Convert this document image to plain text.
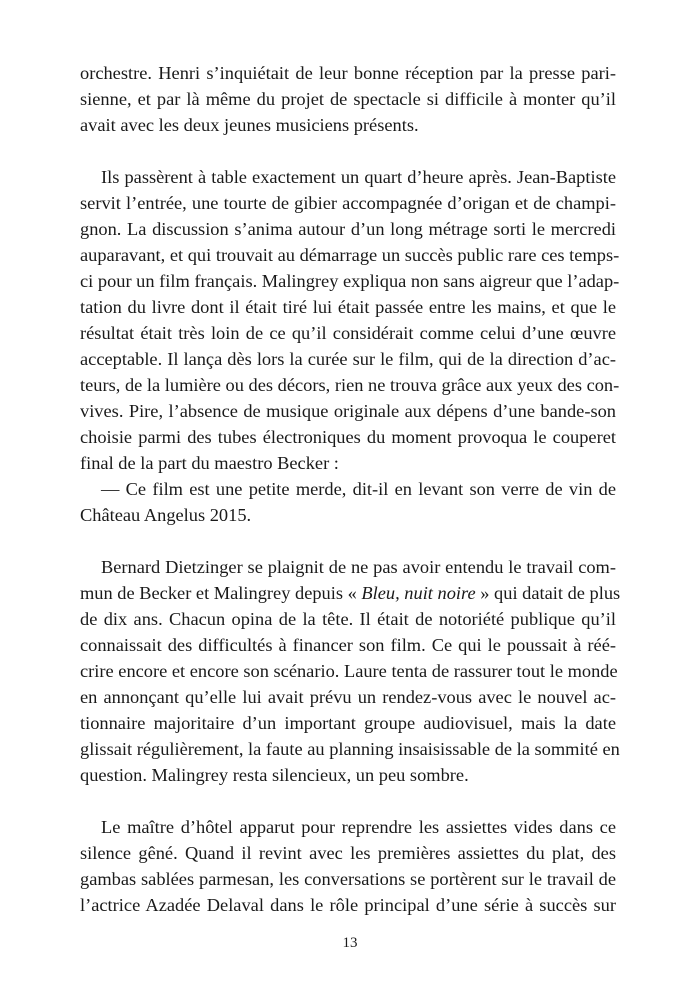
orchestre. Henri s’inquiétait de leur bonne réception par la presse pari-
sienne, et par là même du projet de spectacle si difficile à monter qu’il
avait avec les deux jeunes musiciens présents.
Ils passèrent à table exactement un quart d’heure après. Jean-Baptiste
servit l’entrée, une tourte de gibier accompagnée d’origan et de champi-
gnon. La discussion s’anima autour d’un long métrage sorti le mercredi
auparavant, et qui trouvait au démarrage un succès public rare ces temps-
ci pour un film français. Malingrey expliqua non sans aigreur que l’adap-
tation du livre dont il était tiré lui était passée entre les mains, et que le
résultat était très loin de ce qu’il considérait comme celui d’une œuvre
acceptable. Il lança dès lors la curée sur le film, qui de la direction d’ac-
teurs, de la lumière ou des décors, rien ne trouva grâce aux yeux des con-
vives. Pire, l’absence de musique originale aux dépens d’une bande-son
choisie parmi des tubes électroniques du moment provoqua le couperet
final de la part du maestro Becker :
— Ce film est une petite merde, dit-il en levant son verre de vin de
Château Angelus 2015.
Bernard Dietzinger se plaignit de ne pas avoir entendu le travail com-
mun de Becker et Malingrey depuis « Bleu, nuit noire » qui datait de plus
de dix ans. Chacun opina de la tête. Il était de notoriété publique qu’il
connaissait des difficultés à financer son film. Ce qui le poussait à réé-
crire encore et encore son scénario. Laure tenta de rassurer tout le monde
en annonçant qu’elle lui avait prévu un rendez-vous avec le nouvel ac-
tionnaire majoritaire d’un important groupe audiovisuel, mais la date
glissait régulièrement, la faute au planning insaisissable de la sommité en
question. Malingrey resta silencieux, un peu sombre.
Le maître d’hôtel apparut pour reprendre les assiettes vides dans ce
silence gêné. Quand il revint avec les premières assiettes du plat, des
gambas sablées parmesan, les conversations se portèrent sur le travail de
l’actrice Azadée Delaval dans le rôle principal d’une série à succès sur
13
